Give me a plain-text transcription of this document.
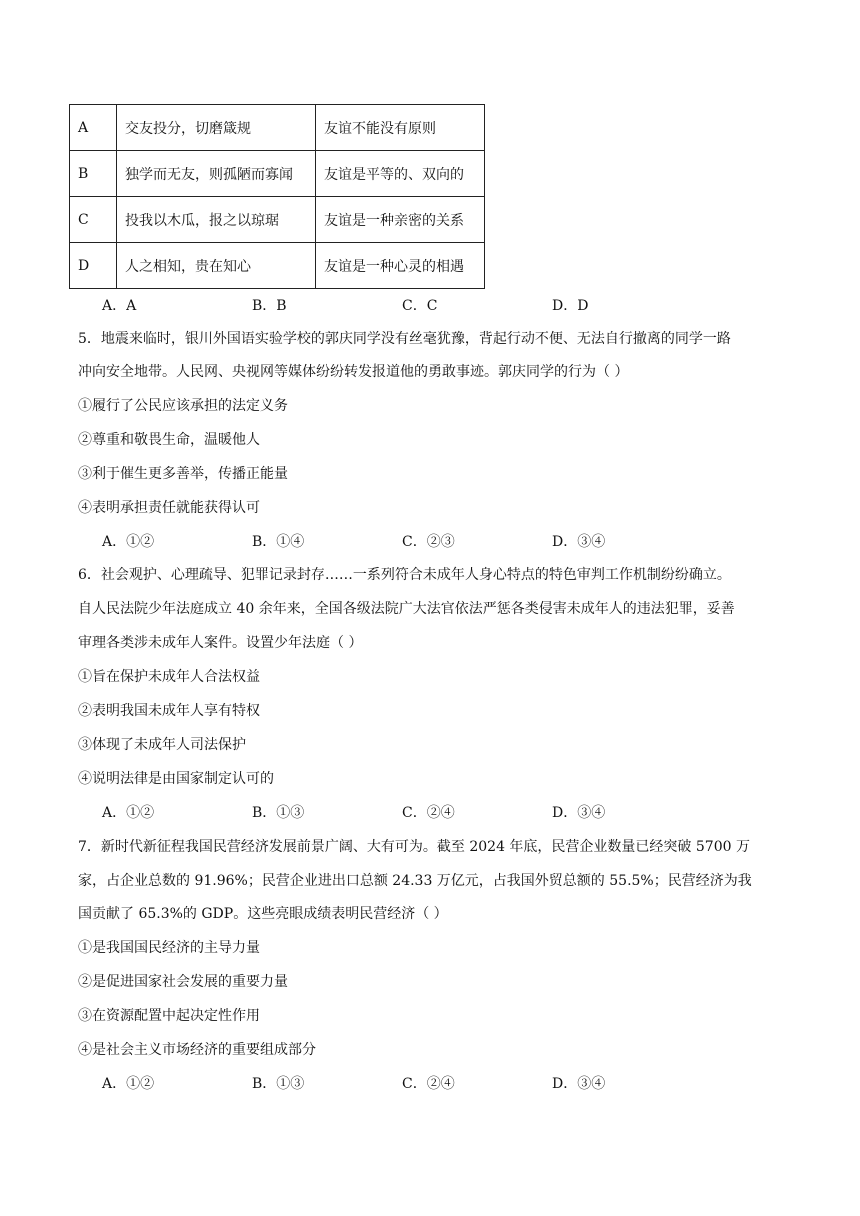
A	交友投分，切磨箴规	友谊不能没有原则
B	独学而无友，则孤陋而寡闻	友谊是平等的、双向的
C	投我以木瓜，报之以琼琚	友谊是一种亲密的关系
D	人之相知，贵在知心	友谊是一种心灵的相遇
A．A	B．B	C．C	D．D
5．地震来临时，银川外国语实验学校的郭庆同学没有丝毫犹豫，背起行动不便、无法自行撤离的同学一路
冲向安全地带。人民网、央视网等媒体纷纷转发报道他的勇敢事迹。郭庆同学的行为（ ）
①履行了公民应该承担的法定义务
②尊重和敬畏生命，温暖他人
③利于催生更多善举，传播正能量
④表明承担责任就能获得认可
A．①②	B．①④	C．②③	D．③④
6．社会观护、心理疏导、犯罪记录封存……一系列符合未成年人身心特点的特色审判工作机制纷纷确立。
自人民法院少年法庭成立 40 余年来，全国各级法院广大法官依法严惩各类侵害未成年人的违法犯罪，妥善
审理各类涉未成年人案件。设置少年法庭（ ）
①旨在保护未成年人合法权益
②表明我国未成年人享有特权
③体现了未成年人司法保护
④说明法律是由国家制定认可的
A．①②	B．①③	C．②④	D．③④
7．新时代新征程我国民营经济发展前景广阔、大有可为。截至 2024 年底，民营企业数量已经突破 5700 万
家，占企业总数的 91.96%；民营企业进出口总额 24.33 万亿元，占我国外贸总额的 55.5%；民营经济为我
国贡献了 65.3%的 GDP。这些亮眼成绩表明民营经济（ ）
①是我国国民经济的主导力量
②是促进国家社会发展的重要力量
③在资源配置中起决定性作用
④是社会主义市场经济的重要组成部分
A．①②	B．①③	C．②④	D．③④
